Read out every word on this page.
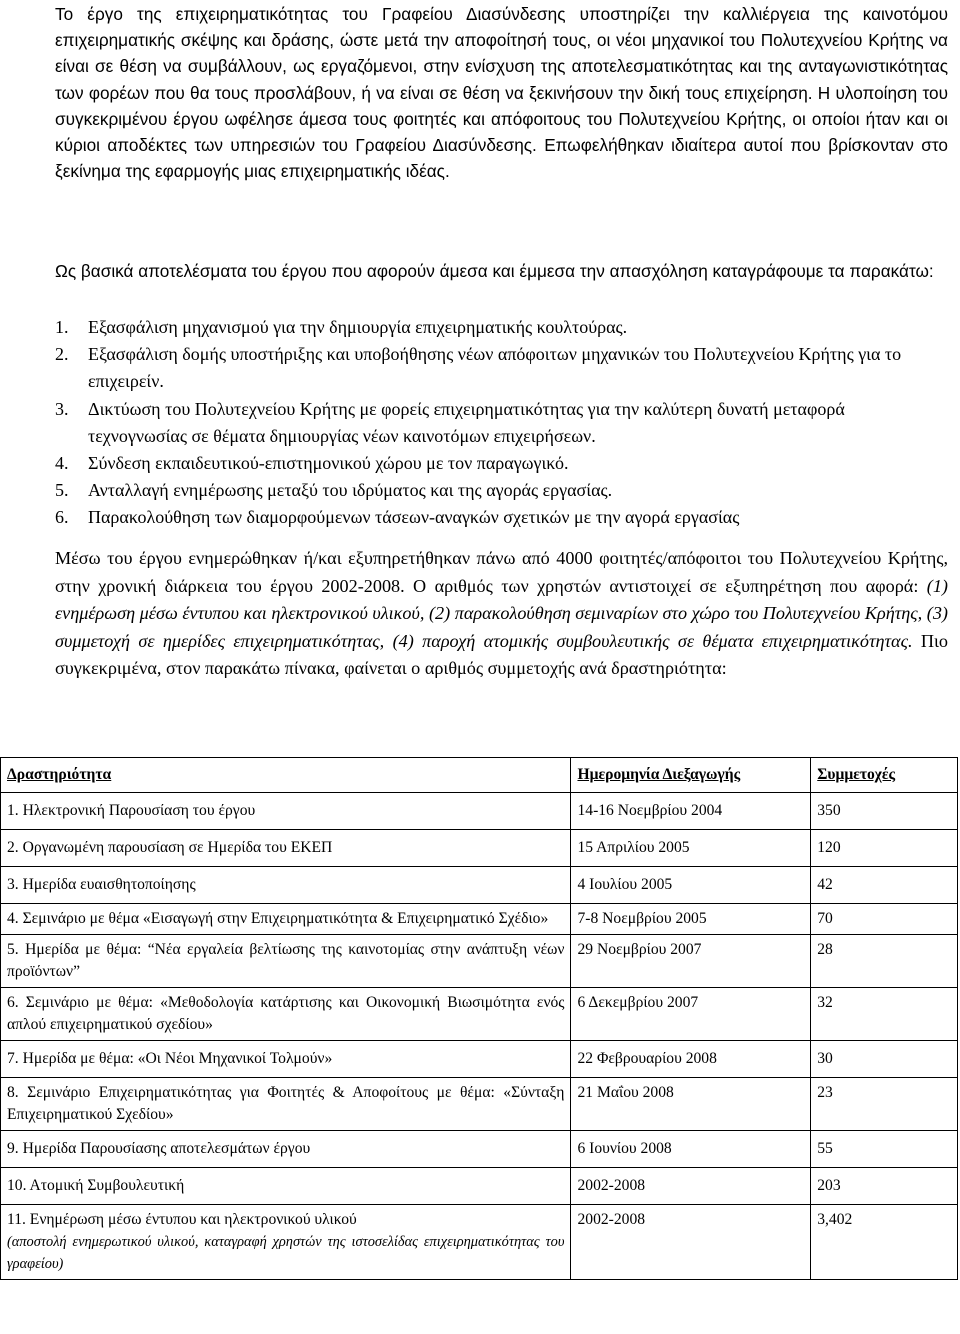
Το έργο της επιχειρηματικότητας του Γραφείου Διασύνδεσης υποστηρίζει την καλλιέργεια της καινοτόμου επιχειρηματικής σκέψης και δράσης, ώστε μετά την αποφοίτησή τους, οι νέοι μηχανικοί του Πολυτεχνείου Κρήτης να είναι σε θέση να συμβάλλουν, ως εργαζόμενοι, στην ενίσχυση της αποτελεσματικότητας και της ανταγωνιστικότητας των φορέων που θα τους προσλάβουν, ή να είναι σε θέση να ξεκινήσουν την δική τους επιχείρηση. Η υλοποίηση του συγκεκριμένου έργου ωφέλησε άμεσα τους φοιτητές και απόφοιτους του Πολυτεχνείου Κρήτης, οι οποίοι ήταν και οι κύριοι αποδέκτες των υπηρεσιών του Γραφείου Διασύνδεσης. Επωφελήθηκαν ιδιαίτερα αυτοί που βρίσκονταν στο ξεκίνημα της εφαρμογής μιας επιχειρηματικής ιδέας.

Ως βασικά αποτελέσματα του έργου που αφορούν άμεσα και έμμεσα την απασχόληση καταγράφουμε τα παρακάτω:

1.	Εξασφάλιση μηχανισμού για την δημιουργία επιχειρηματικής κουλτούρας.
2.	Εξασφάλιση δομής υποστήριξης και υποβοήθησης νέων απόφοιτων μηχανικών του Πολυτεχνείου Κρήτης για το επιχειρείν.
3.	Δικτύωση του Πολυτεχνείου Κρήτης με φορείς επιχειρηματικότητας για την καλύτερη δυνατή μεταφορά τεχνογνωσίας σε θέματα δημιουργίας νέων καινοτόμων επιχειρήσεων.
4.	Σύνδεση εκπαιδευτικού-επιστημονικού χώρου με τον παραγωγικό.
5.	Ανταλλαγή ενημέρωσης μεταξύ του ιδρύματος και της αγοράς εργασίας.
6.	Παρακολούθηση των διαμορφούμενων τάσεων-αναγκών σχετικών με την αγορά εργασίας

Μέσω του έργου ενημερώθηκαν ή/και εξυπηρετήθηκαν πάνω από 4000 φοιτητές/απόφοιτοι του Πολυτεχνείου Κρήτης, στην χρονική διάρκεια του έργου 2002-2008. Ο αριθμός των χρηστών αντιστοιχεί σε εξυπηρέτηση που αφορά: (1) ενημέρωση μέσω έντυπου και ηλεκτρονικού υλικού, (2) παρακολούθηση σεμιναρίων στο χώρο του Πολυτεχνείου Κρήτης, (3) συμμετοχή σε ημερίδες επιχειρηματικότητας, (4) παροχή ατομικής συμβουλευτικής σε θέματα επιχειρηματικότητας. Πιο συγκεκριμένα, στον παρακάτω πίνακα, φαίνεται ο αριθμός συμμετοχής ανά δραστηριότητα:

Δραστηριότητα	Ημερομηνία Διεξαγωγής	Συμμετοχές
1. Ηλεκτρονική Παρουσίαση του έργου	14-16 Νοεμβρίου 2004	350
2. Οργανωμένη παρουσίαση σε Ημερίδα του ΕΚΕΠ	15 Απριλίου 2005	120
3. Ημερίδα ευαισθητοποίησης	4 Ιουλίου 2005	42
4. Σεμινάριο με θέμα «Εισαγωγή στην Επιχειρηματικότητα & Επιχειρηματικό Σχέδιο»	7-8 Νοεμβρίου 2005	70
5. Ημερίδα με θέμα: “Νέα εργαλεία βελτίωσης της καινοτομίας στην ανάπτυξη νέων προϊόντων”	29 Νοεμβρίου 2007	28
6. Σεμινάριο με θέμα: «Μεθοδολογία κατάρτισης και Οικονομική Βιωσιμότητα ενός απλού επιχειρηματικού σχεδίου»	6 Δεκεμβρίου 2007	32
7. Ημερίδα με θέμα: «Οι Νέοι Μηχανικοί Τολμούν»	22 Φεβρουαρίου 2008	30
8. Σεμινάριο Επιχειρηματικότητας για Φοιτητές & Αποφοίτους με θέμα: «Σύνταξη Επιχειρηματικού Σχεδίου»	21 Μαΐου 2008	23
9. Ημερίδα Παρουσίασης αποτελεσμάτων έργου	6 Ιουνίου 2008	55
10. Ατομική Συμβουλευτική	2002-2008	203
11. Ενημέρωση μέσω έντυπου και ηλεκτρονικού υλικού
(αποστολή ενημερωτικού υλικού, καταγραφή χρηστών της ιστοσελίδας επιχειρηματικότητας του γραφείου)	2002-2008	3,402
